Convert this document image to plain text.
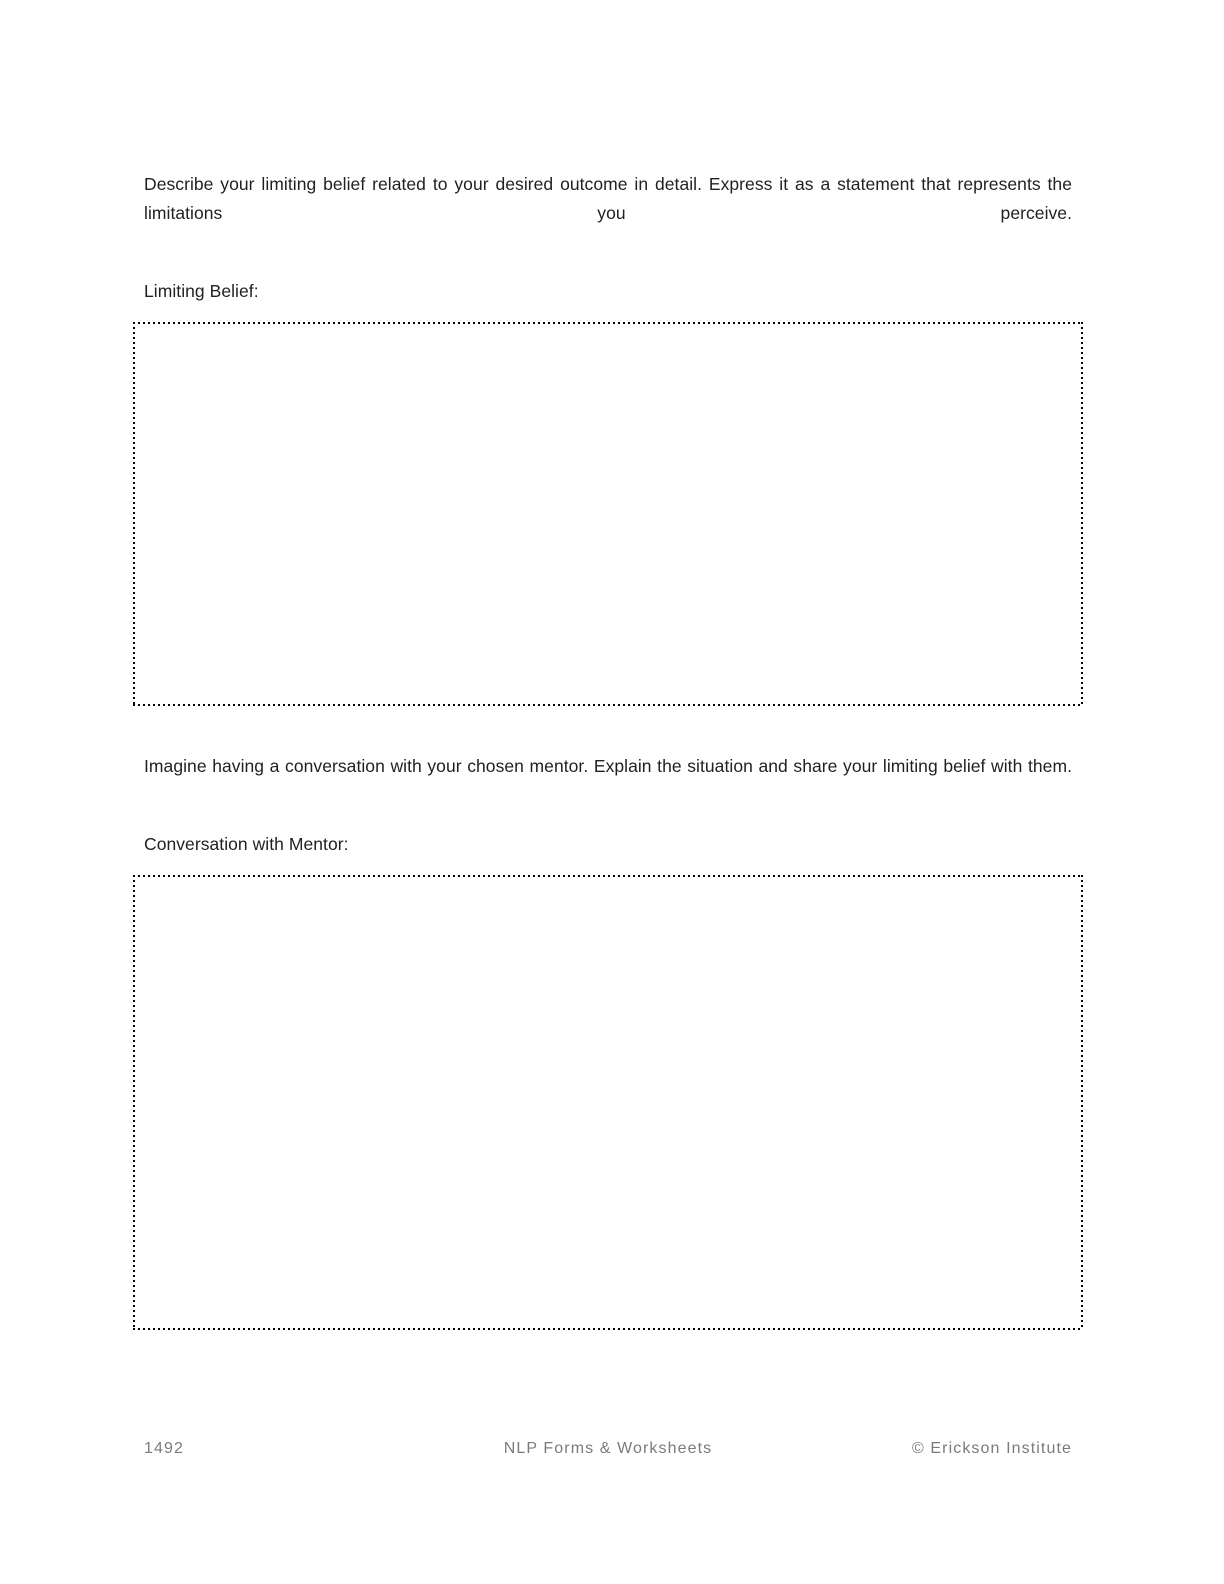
Describe your limiting belief related to your desired outcome in detail. Express it as a statement that represents the limitations you perceive.

Limiting Belief:

Imagine having a conversation with your chosen mentor. Explain the situation and share your limiting belief with them.

Conversation with Mentor:

1492	NLP Forms & Worksheets	© Erickson Institute
